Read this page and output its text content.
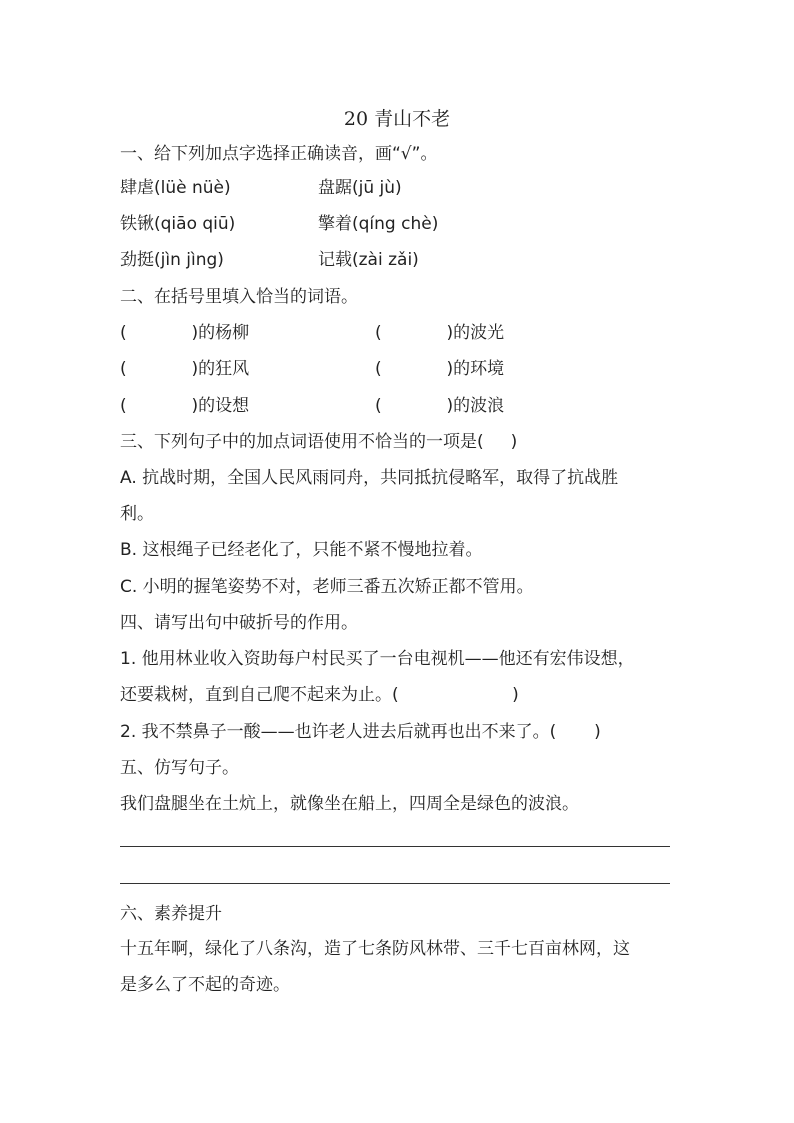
20 青山不老
一、给下列加点字选择正确读音，画“√”。
肆虐(lüè nüè)	盘踞(jū jù)
铁锹(qiāo qiū)	擎着(qíng chè)
劲挺(jìn jìng)	记载(zài zǎi)
二、在括号里填入恰当的词语。
(            )的杨柳	(            )的波光
(            )的狂风	(            )的环境
(            )的设想	(            )的波浪
三、下列句子中的加点词语使用不恰当的一项是(     )
A. 抗战时期，全国人民风雨同舟，共同抵抗侵略军，取得了抗战胜
利。
B. 这根绳子已经老化了，只能不紧不慢地拉着。
C. 小明的握笔姿势不对，老师三番五次矫正都不管用。
四、请写出句中破折号的作用。
1. 他用林业收入资助每户村民买了一台电视机——他还有宏伟设想，
还要栽树，直到自己爬不起来为止。(                     )
2. 我不禁鼻子一酸——也许老人进去后就再也出不来了。(       )
五、仿写句子。
我们盘腿坐在土炕上，就像坐在船上，四周全是绿色的波浪。
六、素养提升
十五年啊，绿化了八条沟，造了七条防风林带、三千七百亩林网，这
是多么了不起的奇迹。
